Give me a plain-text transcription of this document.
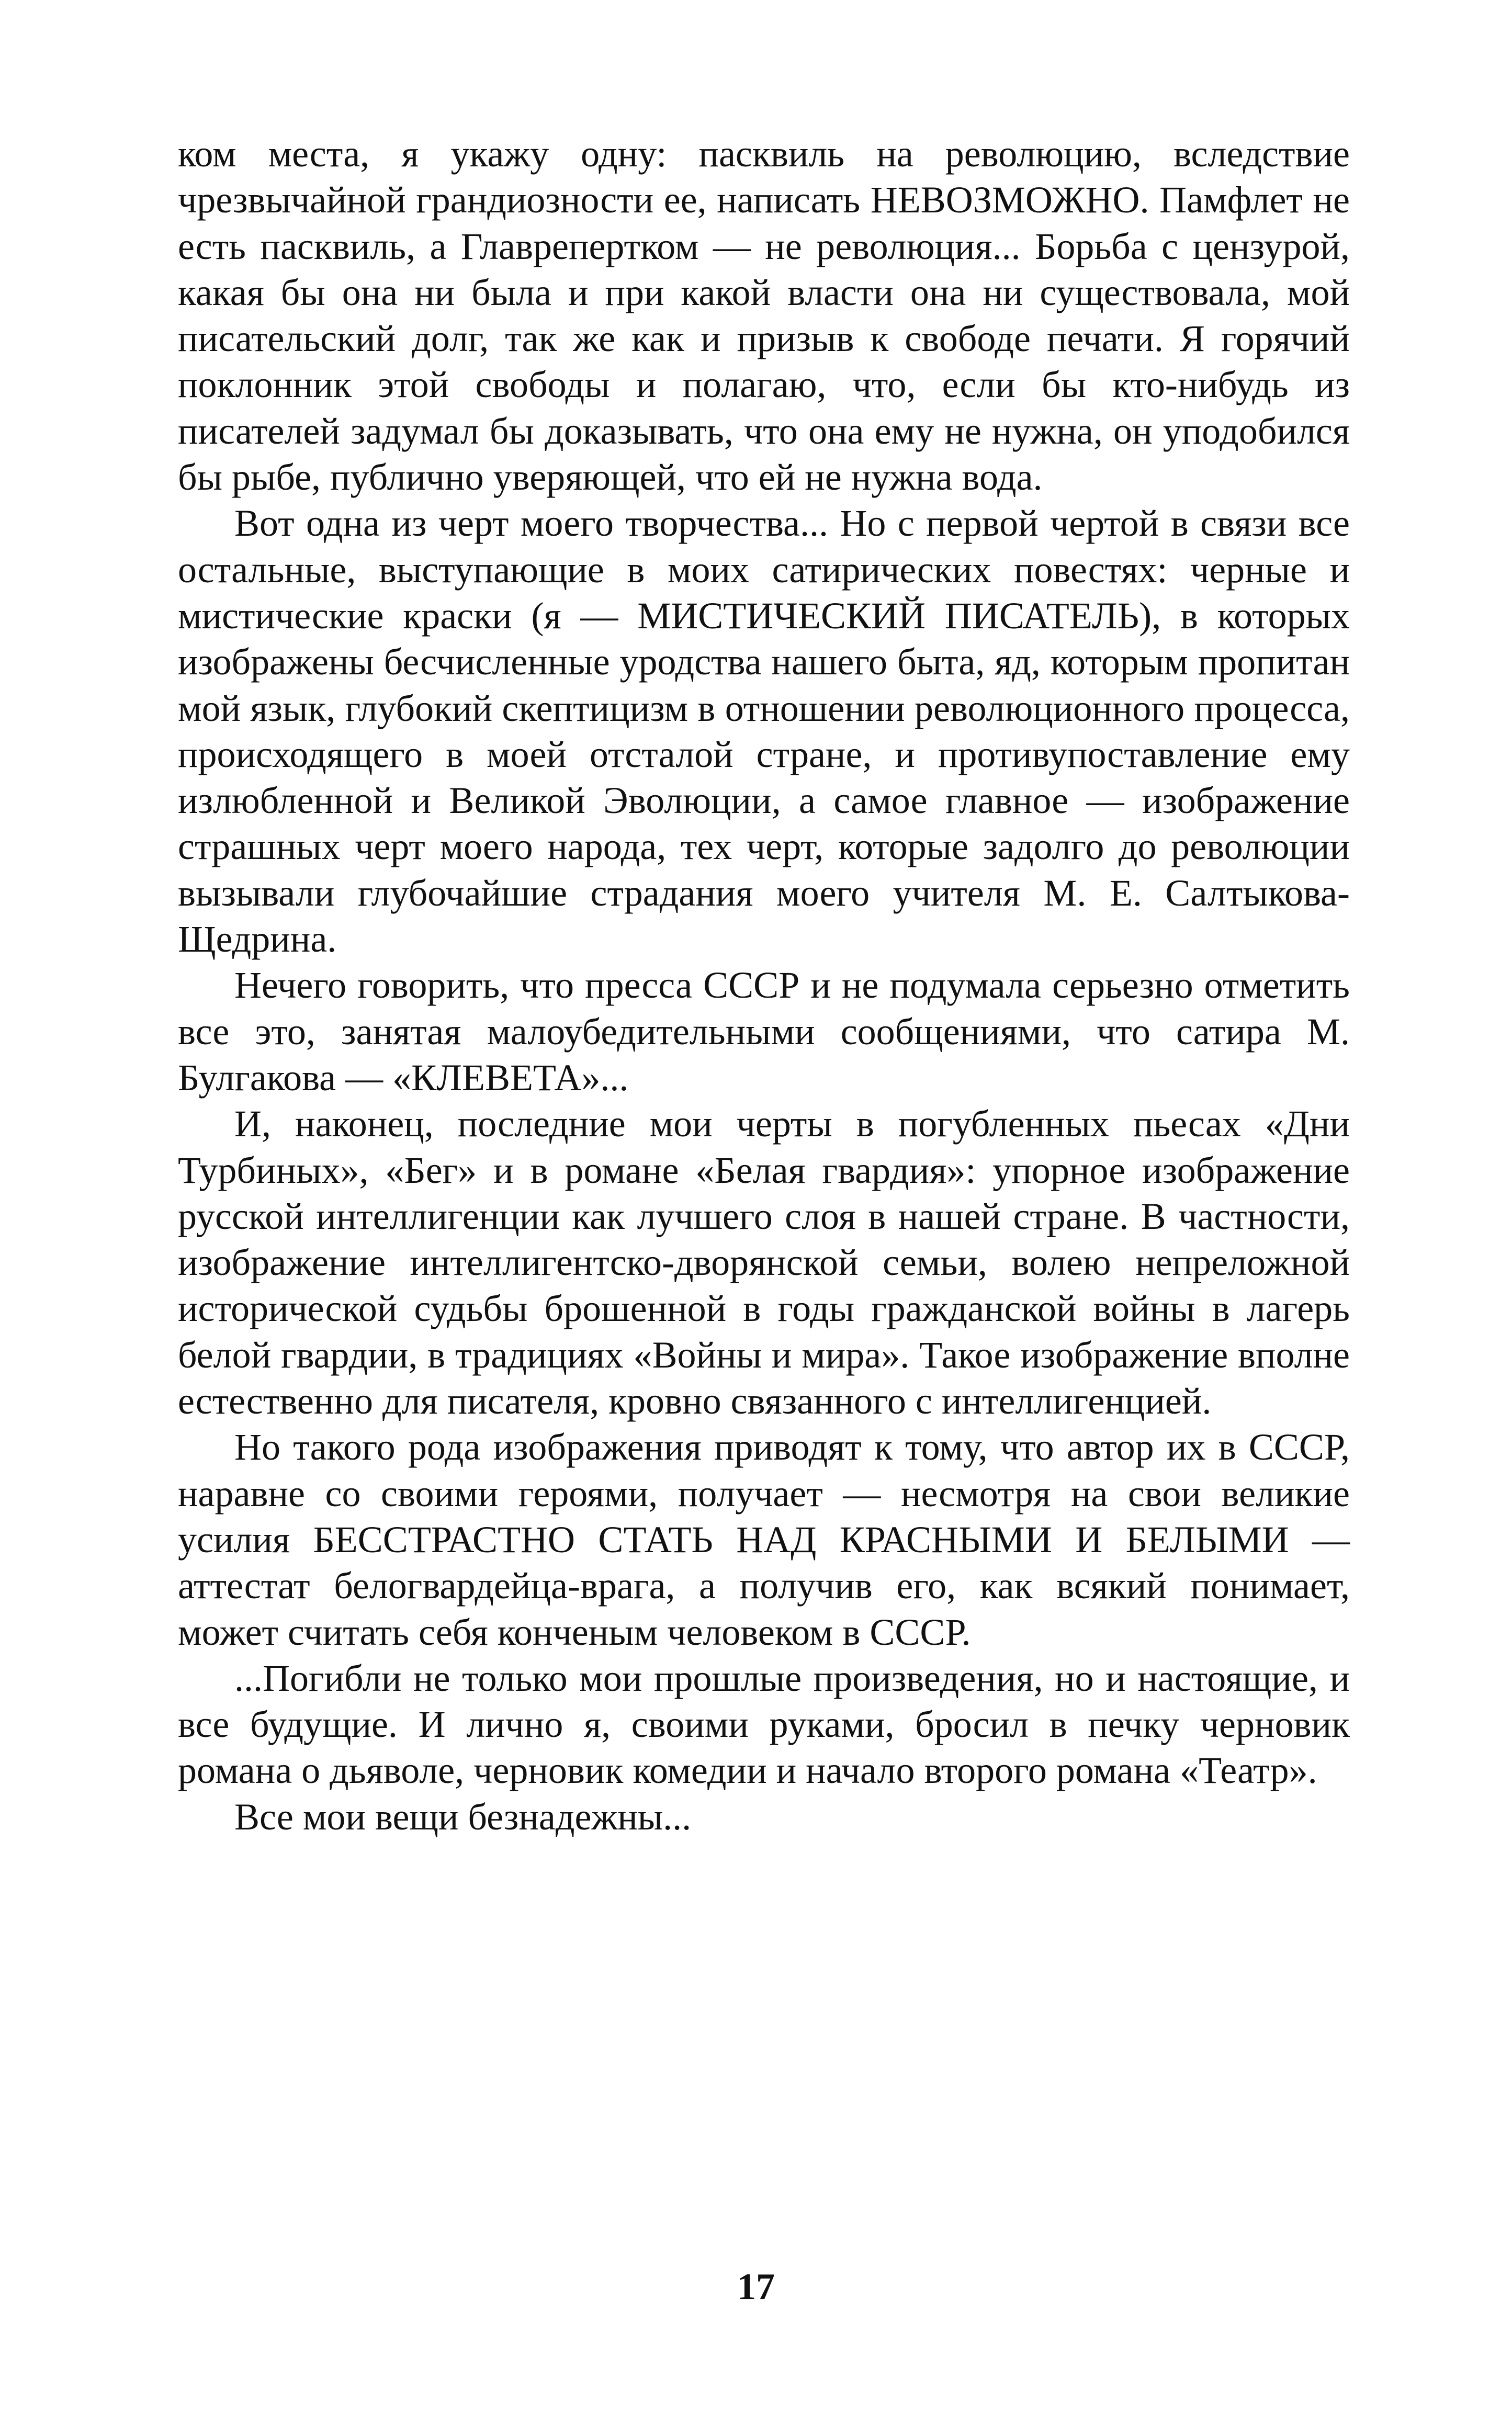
ком места, я укажу одну: пасквиль на революцию, вследствие чрезвычайной грандиозности ее, написать НЕВОЗМОЖНО. Памфлет не есть пасквиль, а Главрепертком — не революция... Борьба с цензурой, какая бы она ни была и при какой власти она ни существовала, мой писательский долг, так же как и призыв к свободе печати. Я горячий поклонник этой свободы и полагаю, что, если бы кто-нибудь из писателей задумал бы доказывать, что она ему не нужна, он уподобился бы рыбе, публично уверяющей, что ей не нужна вода.

Вот одна из черт моего творчества... Но с первой чертой в связи все остальные, выступающие в моих сатирических повестях: черные и мистические краски (я — МИСТИЧЕСКИЙ ПИСАТЕЛЬ), в которых изображены бесчисленные уродства нашего быта, яд, которым пропитан мой язык, глубокий скептицизм в отношении революционного процесса, происходящего в моей отсталой стране, и противупоставление ему излюбленной и Великой Эволюции, а самое главное — изображение страшных черт моего народа, тех черт, которые задолго до революции вызывали глубочайшие страдания моего учителя М. Е. Салтыкова-Щедрина.

Нечего говорить, что пресса СССР и не подумала серьезно отметить все это, занятая малоубедительными сообщениями, что сатира М. Булгакова — «КЛЕВЕТА»...

И, наконец, последние мои черты в погубленных пьесах «Дни Турбиных», «Бег» и в романе «Белая гвардия»: упорное изображение русской интеллигенции как лучшего слоя в нашей стране. В частности, изображение интеллигентско-дворянской семьи, волею непреложной исторической судьбы брошенной в годы гражданской войны в лагерь белой гвардии, в традициях «Войны и мира». Такое изображение вполне естественно для писателя, кровно связанного с интеллигенцией.

Но такого рода изображения приводят к тому, что автор их в СССР, наравне со своими героями, получает — несмотря на свои великие усилия БЕССТРАСТНО СТАТЬ НАД КРАСНЫМИ И БЕЛЫМИ — аттестат белогвардейца-врага, а получив его, как всякий понимает, может считать себя конченым человеком в СССР.

...Погибли не только мои прошлые произведения, но и настоящие, и все будущие. И лично я, своими руками, бросил в печку черновик романа о дьяволе, черновик комедии и начало второго романа «Театр».

Все мои вещи безнадежны...

17
